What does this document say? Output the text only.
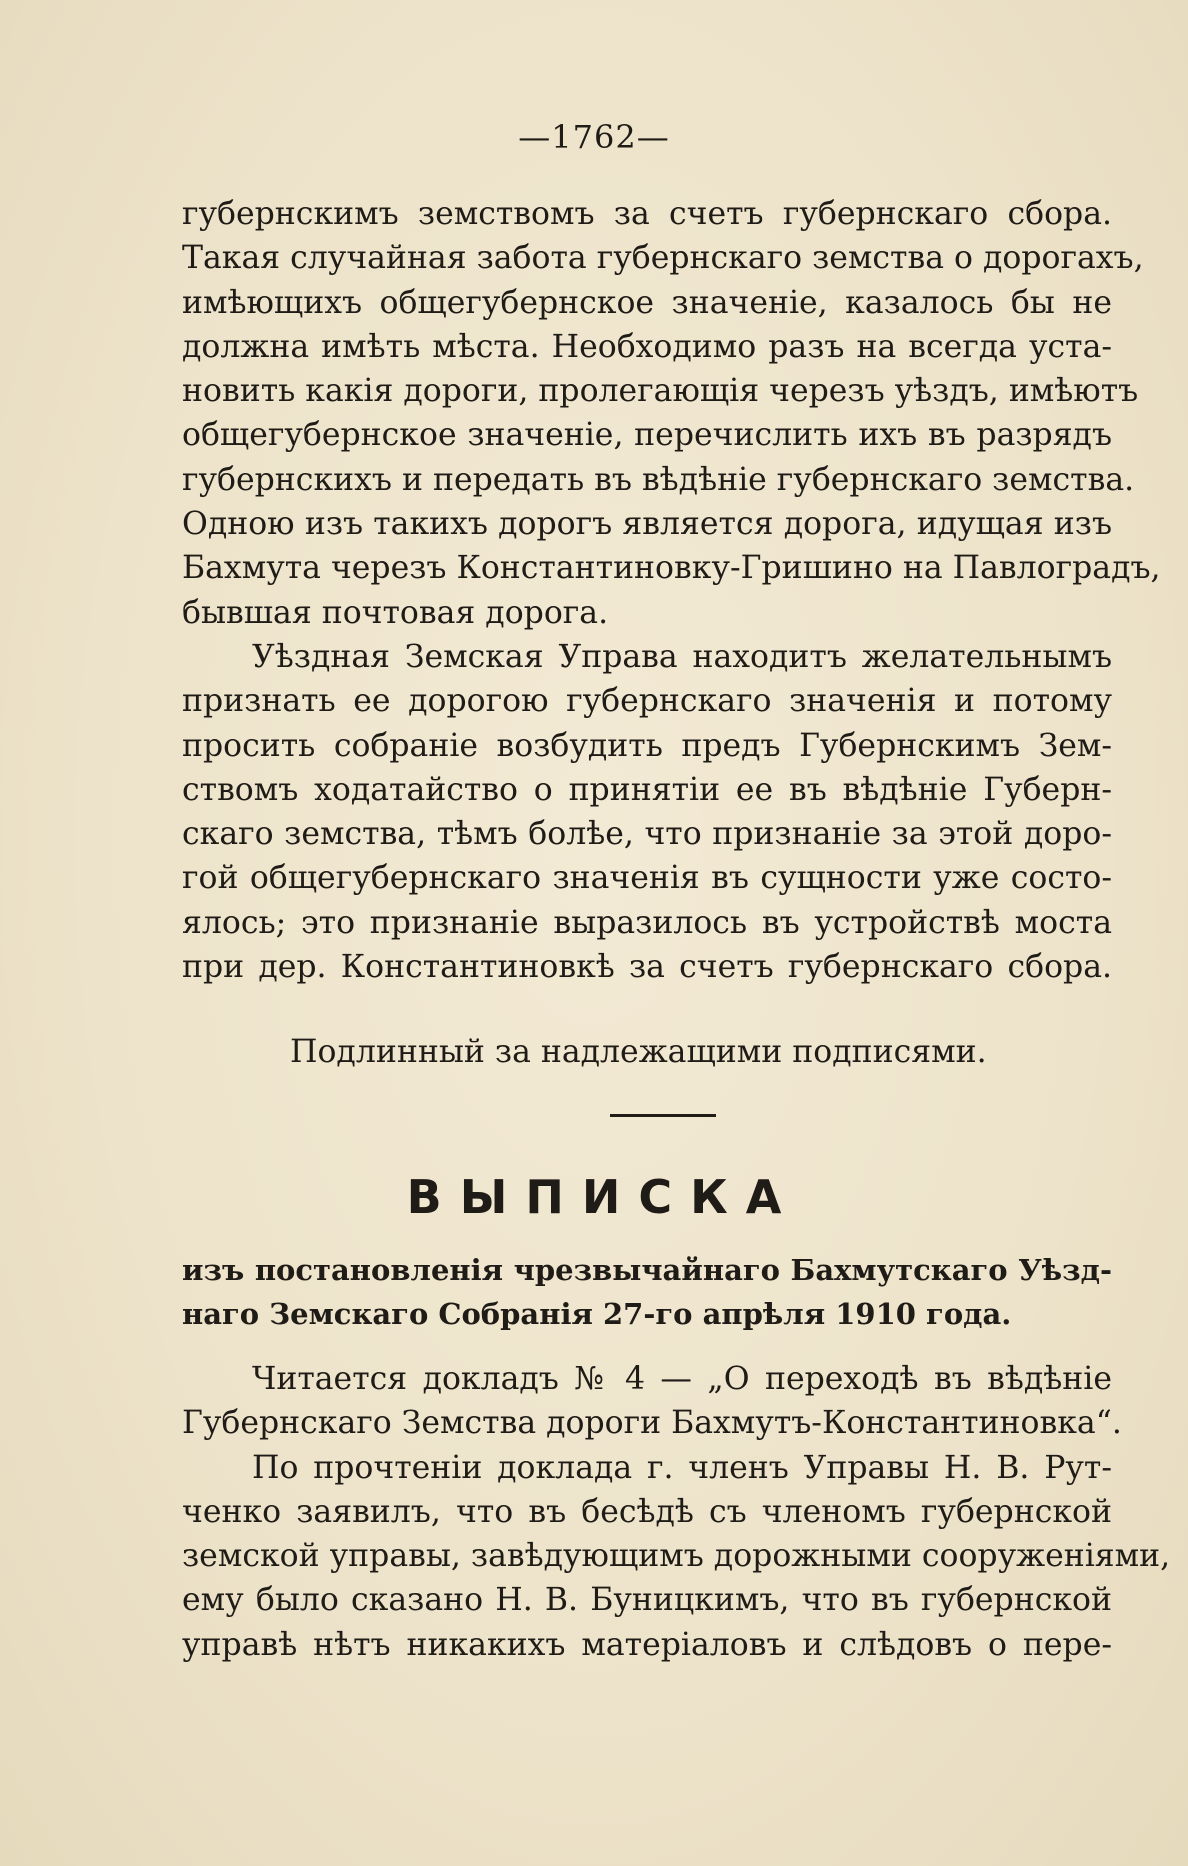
—1762—
губернскимъ земствомъ за счетъ губернскаго сбора.
Такая случайная забота губернскаго земства о дорогахъ,
имѣющихъ общегубернское значеніе, казалось бы не
должна имѣть мѣста. Необходимо разъ на всегда уста-
новить какія дороги, пролегающія черезъ уѣздъ, имѣютъ
общегубернское значеніе, перечислить ихъ въ разрядъ
губернскихъ и передать въ вѣдѣніе губернскаго земства.
Одною изъ такихъ дорогъ является дорога, идущая изъ
Бахмута черезъ Константиновку-Гришино на Павлоградъ,
бывшая почтовая дорога.
Уѣздная Земская Управа находитъ желательнымъ
признать ее дорогою губернскаго значенія и потому
просить собраніе возбудить предъ Губернскимъ Зем-
ствомъ ходатайство о принятіи ее въ вѣдѣніе Губерн-
скаго земства, тѣмъ болѣе, что признаніе за этой доро-
гой общегубернскаго значенія въ сущности уже состо-
ялось; это признаніе выразилось въ устройствѣ моста
при дер. Константиновкѣ за счетъ губернскаго сбора.
Подлинный за надлежащими подписями.
ВЫПИСКА
изъ постановленія чрезвычайнаго Бахмутскаго Уѣзд-
наго Земскаго Собранія 27-го апрѣля 1910 года.
Читается докладъ № 4 — „О переходѣ въ вѣдѣніе
Губернскаго Земства дороги Бахмутъ-Константиновка“.
По прочтеніи доклада г. членъ Управы Н. В. Рут-
ченко заявилъ, что въ бесѣдѣ съ членомъ губернской
земской управы, завѣдующимъ дорожными сооруженіями,
ему было сказано Н. В. Буницкимъ, что въ губернской
управѣ нѣтъ никакихъ матеріаловъ и слѣдовъ о пере-
